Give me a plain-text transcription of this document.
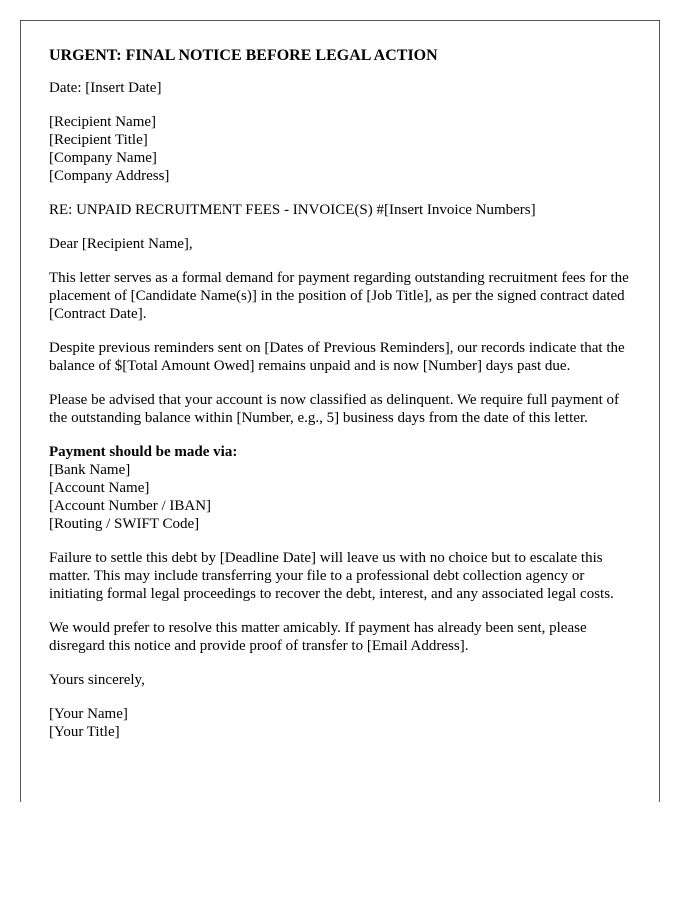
URGENT: FINAL NOTICE BEFORE LEGAL ACTION

Date: [Insert Date]

[Recipient Name]
[Recipient Title]
[Company Name]
[Company Address]

RE: UNPAID RECRUITMENT FEES - INVOICE(S) #[Insert Invoice Numbers]

Dear [Recipient Name],

This letter serves as a formal demand for payment regarding outstanding recruitment fees for the placement of [Candidate Name(s)] in the position of [Job Title], as per the signed contract dated [Contract Date].

Despite previous reminders sent on [Dates of Previous Reminders], our records indicate that the balance of $[Total Amount Owed] remains unpaid and is now [Number] days past due.

Please be advised that your account is now classified as delinquent. We require full payment of the outstanding balance within [Number, e.g., 5] business days from the date of this letter.

Payment should be made via:
[Bank Name]
[Account Name]
[Account Number / IBAN]
[Routing / SWIFT Code]

Failure to settle this debt by [Deadline Date] will leave us with no choice but to escalate this matter. This may include transferring your file to a professional debt collection agency or initiating formal legal proceedings to recover the debt, interest, and any associated legal costs.

We would prefer to resolve this matter amicably. If payment has already been sent, please disregard this notice and provide proof of transfer to [Email Address].

Yours sincerely,

[Your Name]
[Your Title]
